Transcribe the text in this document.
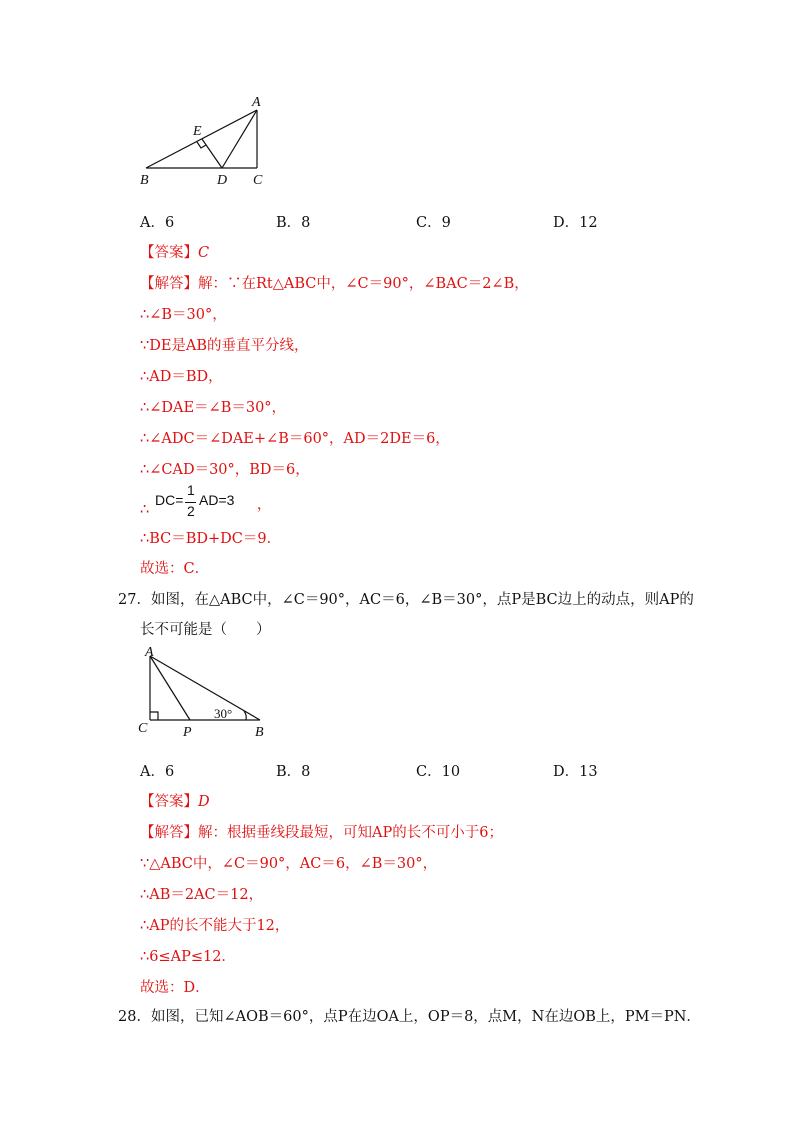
A
E
B	D C
A．6	B．8	C．9	D．12
【答案】C
【解答】解：∵在Rt△ABC中，∠C＝90°，∠BAC＝2∠B，
∴∠B＝30°，
∵DE是AB的垂直平分线，
∴AD＝BD，
∴∠DAE＝∠B＝30°，
∴∠ADC＝∠DAE+∠B＝60°，AD＝2DE＝6，
∴∠CAD＝30°，BD＝6，
∴
DC=
1
2
AD=3 ，
∴BC＝BD+DC＝9．
故选：C．
27．如图，在△ABC中，∠C＝90°，AC＝6，∠B＝30°，点P是BC边上的动点，则AP的
长不可能是（　　）
A
C	P	B
30°
A．6	B．8	C．10	D．13
【答案】D
【解答】解：根据垂线段最短，可知AP的长不可小于6；
∵△ABC中，∠C＝90°，AC＝6，∠B＝30°，
∴AB＝2AC＝12，
∴AP的长不能大于12，
∴6≤AP≤12．
故选：D．
28．如图，已知∠AOB＝60°，点P在边OA上，OP＝8，点M，N在边OB上，PM＝PN．
